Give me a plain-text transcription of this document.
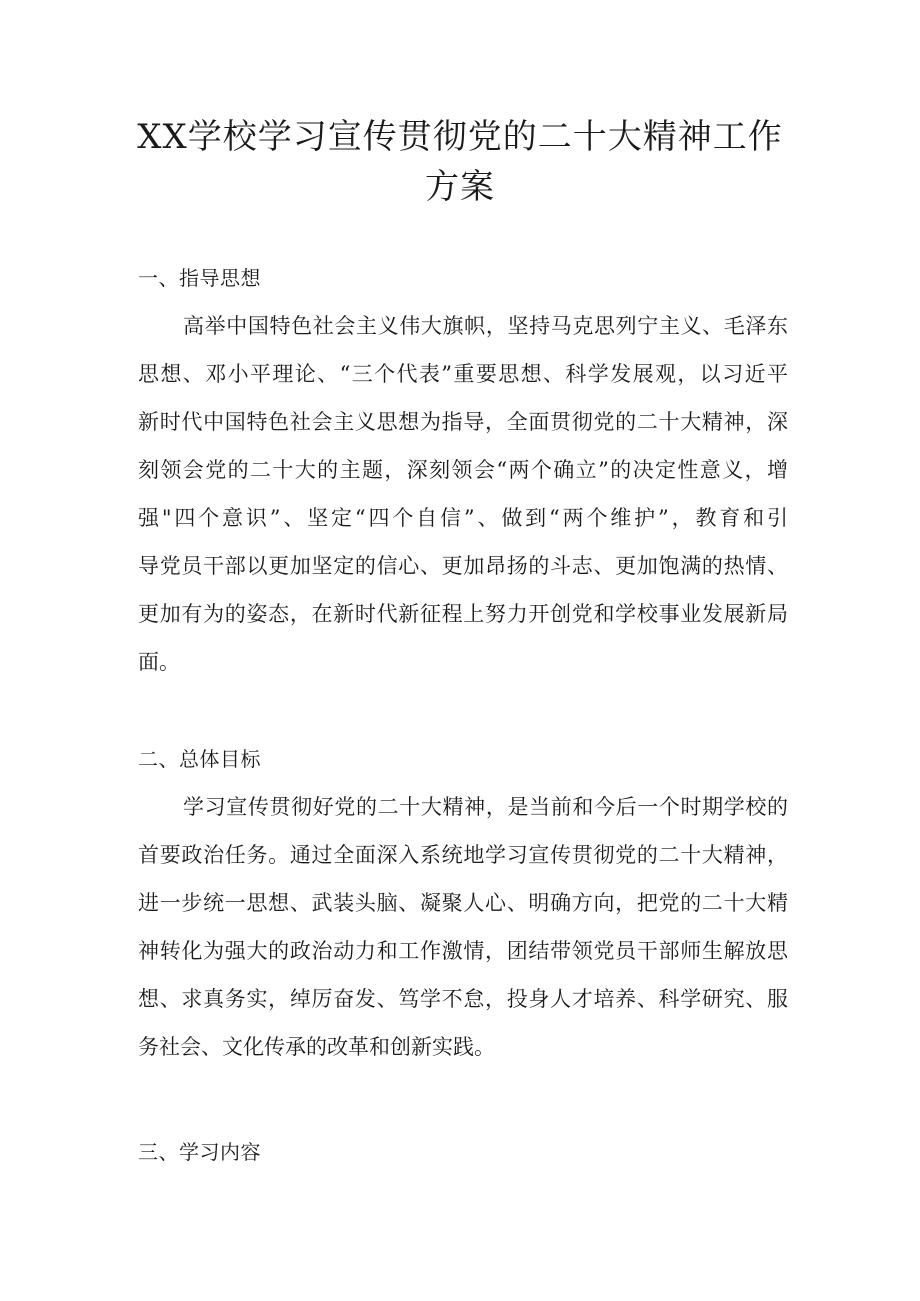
XX学校学习宣传贯彻党的二十大精神工作
方案
一、指导思想
高举中国特色社会主义伟大旗帜，坚持马克思列宁主义、毛泽东
思想、邓小平理论、“三个代表”重要思想、科学发展观，以习近平
新时代中国特色社会主义思想为指导，全面贯彻党的二十大精神，深
刻领会党的二十大的主题，深刻领会“两个确立”的决定性意义，增
强"四个意识”、坚定“四个自信”、做到“两个维护”，教育和引
导党员干部以更加坚定的信心、更加昂扬的斗志、更加饱满的热情、
更加有为的姿态，在新时代新征程上努力开创党和学校事业发展新局
面。
二、总体目标
学习宣传贯彻好党的二十大精神，是当前和今后一个时期学校的
首要政治任务。通过全面深入系统地学习宣传贯彻党的二十大精神，
进一步统一思想、武装头脑、凝聚人心、明确方向，把党的二十大精
神转化为强大的政治动力和工作激情，团结带领党员干部师生解放思
想、求真务实，绰厉奋发、笃学不怠，投身人才培养、科学研究、服
务社会、文化传承的改革和创新实践。
三、学习内容
